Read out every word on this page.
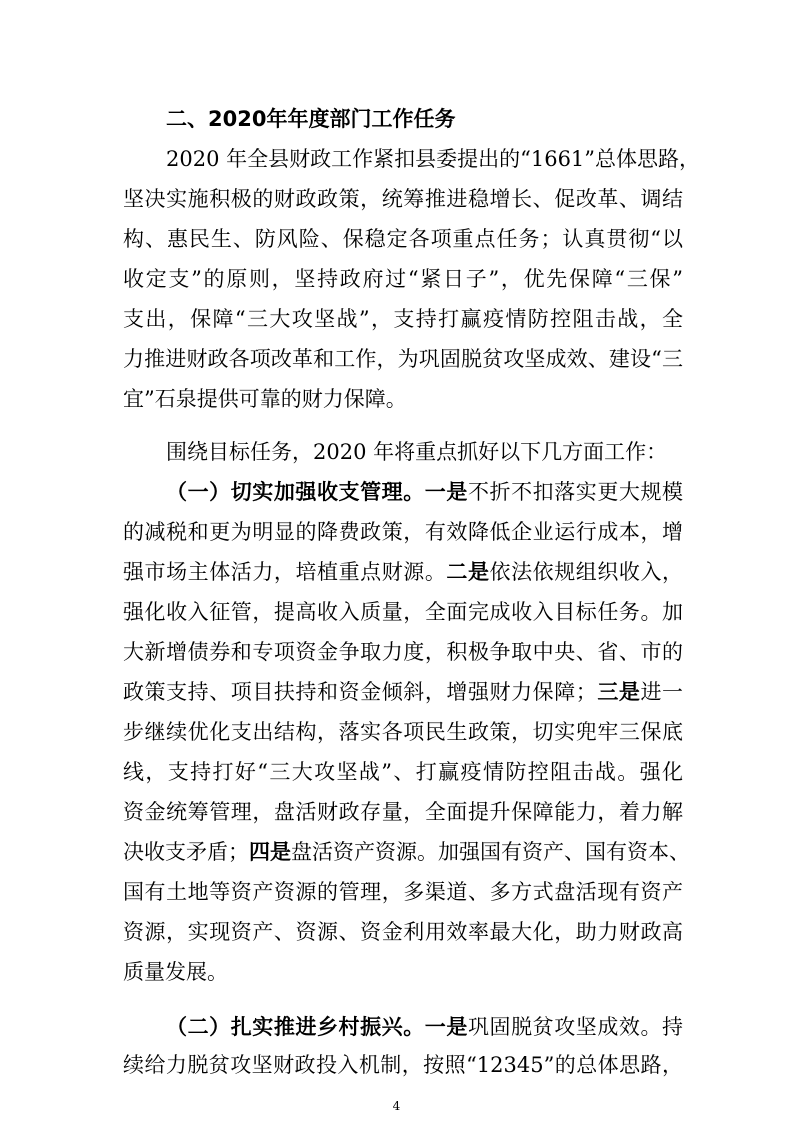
二、2020年年度部门工作任务
2020 年全县财政工作紧扣县委提出的“1661”总体思路，
坚决实施积极的财政政策，统筹推进稳增长、促改革、调结
构、惠民生、防风险、保稳定各项重点任务；认真贯彻“以
收定支”的原则，坚持政府过“紧日子”，优先保障“三保”
支出，保障“三大攻坚战”，支持打赢疫情防控阻击战，全
力推进财政各项改革和工作，为巩固脱贫攻坚成效、建设“三
宜”石泉提供可靠的财力保障。
围绕目标任务，2020 年将重点抓好以下几方面工作：
（一）切实加强收支管理。一是不折不扣落实更大规模
的减税和更为明显的降费政策，有效降低企业运行成本，增
强市场主体活力，培植重点财源。二是依法依规组织收入，
强化收入征管，提高收入质量，全面完成收入目标任务。加
大新增债券和专项资金争取力度，积极争取中央、省、市的
政策支持、项目扶持和资金倾斜，增强财力保障；三是进一
步继续优化支出结构，落实各项民生政策，切实兜牢三保底
线，支持打好“三大攻坚战”、打赢疫情防控阻击战。强化
资金统筹管理，盘活财政存量，全面提升保障能力，着力解
决收支矛盾；四是盘活资产资源。加强国有资产、国有资本、
国有土地等资产资源的管理，多渠道、多方式盘活现有资产
资源，实现资产、资源、资金利用效率最大化，助力财政高
质量发展。
（二）扎实推进乡村振兴。一是巩固脱贫攻坚成效。持
续给力脱贫攻坚财政投入机制，按照“12345”的总体思路，
4
